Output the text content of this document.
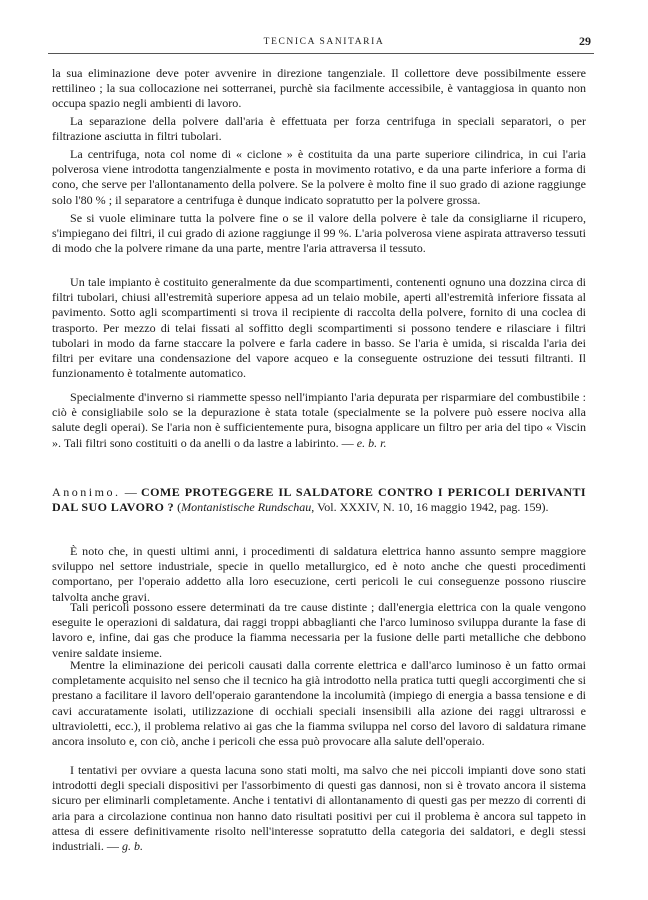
TECNICA SANITARIA	29

la sua eliminazione deve poter avvenire in direzione tangenziale. Il collettore deve possibilmente essere rettilineo ; la sua collocazione nei sotterranei, purchè sia facilmente accessibile, è vantaggiosa in quanto non occupa spazio negli ambienti di lavoro.

La separazione della polvere dall'aria è effettuata per forza centrifuga in speciali separatori, o per filtrazione asciutta in filtri tubolari.

La centrifuga, nota col nome di « ciclone » è costituita da una parte superiore cilindrica, in cui l'aria polverosa viene introdotta tangenzialmente e posta in movimento rotativo, e da una parte inferiore a forma di cono, che serve per l'allontanamento della polvere. Se la polvere è molto fine il suo grado di azione raggiunge solo l'80 % ; il separatore a centrifuga è dunque indicato sopratutto per la polvere grossa.

Se si vuole eliminare tutta la polvere fine o se il valore della polvere è tale da consigliarne il ricupero, s'impiegano dei filtri, il cui grado di azione raggiunge il 99 %. L'aria polverosa viene aspirata attraverso tessuti di modo che la polvere rimane da una parte, mentre l'aria attraversa il tessuto.

Un tale impianto è costituito generalmente da due scompartimenti, contenenti ognuno una dozzina circa di filtri tubolari, chiusi all'estremità superiore appesa ad un telaio mobile, aperti all'estremità inferiore fissata al pavimento. Sotto agli scompartimenti si trova il recipiente di raccolta della polvere, fornito di una coclea di trasporto. Per mezzo di telai fissati al soffitto degli scompartimenti si possono tendere e rilasciare i filtri tubolari in modo da farne staccare la polvere e farla cadere in basso. Se l'aria è umida, si riscalda l'aria dei filtri per evitare una condensazione del vapore acqueo e la conseguente ostruzione dei tessuti filtranti. Il funzionamento è totalmente automatico.

Specialmente d'inverno si riammette spesso nell'impianto l'aria depurata per risparmiare del combustibile : ciò è consigliabile solo se la depurazione è stata totale (specialmente se la polvere può essere nociva alla salute degli operai). Se l'aria non è sufficientemente pura, bisogna applicare un filtro per aria del tipo « Viscin ». Tali filtri sono costituiti o da anelli o da lastre a labirinto. — e. b. r.

Anonimo. — COME PROTEGGERE IL SALDATORE CONTRO I PERICOLI DERIVANTI DAL SUO LAVORO ? (Montanistische Rundschau, Vol. XXXIV, N. 10, 16 maggio 1942, pag. 159).

È noto che, in questi ultimi anni, i procedimenti di saldatura elettrica hanno assunto sempre maggiore sviluppo nel settore industriale, specie in quello metallurgico, ed è noto anche che questi procedimenti comportano, per l'operaio addetto alla loro esecuzione, certi pericoli le cui conseguenze possono riuscire talvolta anche gravi.

Tali pericoli possono essere determinati da tre cause distinte ; dall'energia elettrica con la quale vengono eseguite le operazioni di saldatura, dai raggi troppi abbaglianti che l'arco luminoso sviluppa durante la fase di lavoro e, infine, dai gas che produce la fiamma necessaria per la fusione delle parti metalliche che debbono venire saldate insieme.

Mentre la eliminazione dei pericoli causati dalla corrente elettrica e dall'arco luminoso è un fatto ormai completamente acquisito nel senso che il tecnico ha già introdotto nella pratica tutti quegli accorgimenti che si prestano a facilitare il lavoro dell'operaio garantendone la incolumità (impiego di energia a bassa tensione e di cavi accuratamente isolati, utilizzazione di occhiali speciali insensibili alla azione dei raggi ultrarossi e ultravioletti, ecc.), il problema relativo ai gas che la fiamma sviluppa nel corso del lavoro di saldatura rimane ancora insoluto e, con ciò, anche i pericoli che essa può provocare alla salute dell'operaio.

I tentativi per ovviare a questa lacuna sono stati molti, ma salvo che nei piccoli impianti dove sono stati introdotti degli speciali dispositivi per l'assorbimento di questi gas dannosi, non si è trovato ancora il sistema sicuro per eliminarli completamente. Anche i tentativi di allontanamento di questi gas per mezzo di correnti di aria para a circolazione continua non hanno dato risultati positivi per cui il problema è ancora sul tappeto in attesa di essere definitivamente risolto nell'interesse sopratutto della categoria dei saldatori, e degli stessi industriali. — g. b.
